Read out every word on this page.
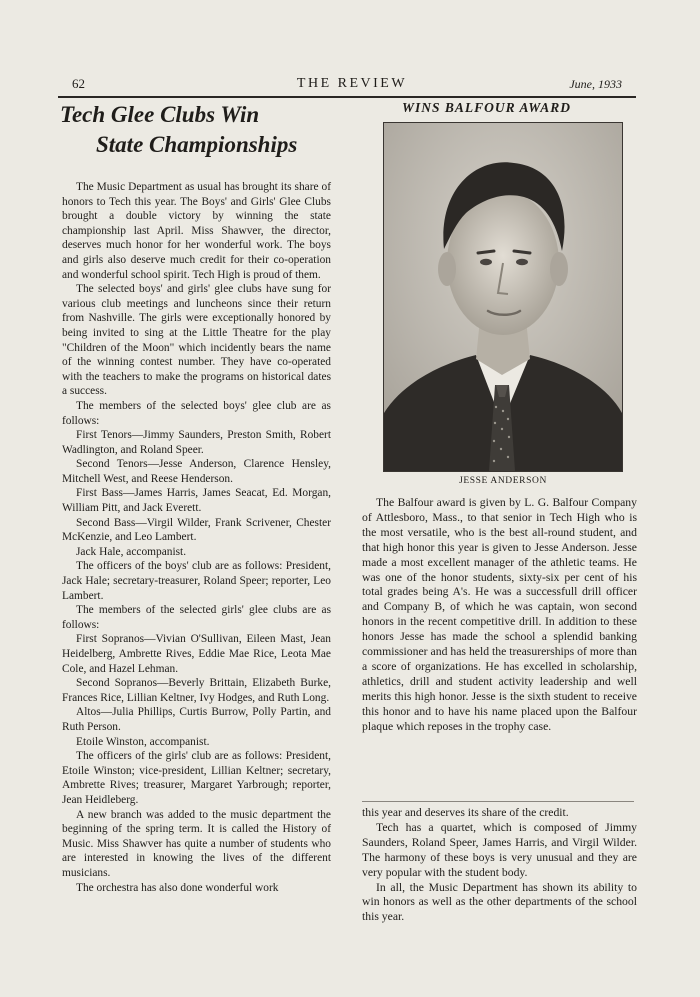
62	THE REVIEW	June, 1933
Tech Glee Clubs Win
State Championships

The Music Department as usual has brought its share of honors to Tech this year. The Boys' and Girls' Glee Clubs brought a double victory by winning the state championship last April. Miss Shawver, the director, deserves much honor for her wonderful work. The boys and girls also deserve much credit for their co-operation and wonderful school spirit. Tech High is proud of them.

The selected boys' and girls' glee clubs have sung for various club meetings and luncheons since their return from Nashville. The girls were exceptionally honored by being invited to sing at the Little Theatre for the play "Children of the Moon" which incidently bears the name of the winning contest number. They have co-operated with the teachers to make the programs on historical dates a success.

The members of the selected boys' glee club are as follows:

First Tenors—Jimmy Saunders, Preston Smith, Robert Wadlington, and Roland Speer.

Second Tenors—Jesse Anderson, Clarence Hensley, Mitchell West, and Reese Henderson.

First Bass—James Harris, James Seacat, Ed. Morgan, William Pitt, and Jack Everett.

Second Bass—Virgil Wilder, Frank Scrivener, Chester McKenzie, and Leo Lambert.

Jack Hale, accompanist.

The officers of the boys' club are as follows: President, Jack Hale; secretary-treasurer, Roland Speer; reporter, Leo Lambert.

The members of the selected girls' glee clubs are as follows:

First Sopranos—Vivian O'Sullivan, Eileen Mast, Jean Heidelberg, Ambrette Rives, Eddie Mae Rice, Leota Mae Cole, and Hazel Lehman.

Second Sopranos—Beverly Brittain, Elizabeth Burke, Frances Rice, Lillian Keltner, Ivy Hodges, and Ruth Long.

Altos—Julia Phillips, Curtis Burrow, Polly Partin, and Ruth Person.

Etoile Winston, accompanist.

The officers of the girls' club are as follows: President, Etoile Winston; vice-president, Lillian Keltner; secretary, Ambrette Rives; treasurer, Margaret Yarbrough; reporter, Jean Heidleberg.

A new branch was added to the music department the beginning of the spring term. It is called the History of Music. Miss Shawver has quite a number of students who are interested in knowing the lives of the different musicians.

The orchestra has also done wonderful work

WINS BALFOUR AWARD
JESSE ANDERSON

The Balfour award is given by L. G. Balfour Company of Attlesboro, Mass., to that senior in Tech High who is the most versatile, who is the best all-round student, and that high honor this year is given to Jesse Anderson. Jesse made a most excellent manager of the athletic teams. He was one of the honor students, sixty-six per cent of his total grades being A's. He was a successfull drill officer and Company B, of which he was captain, won second honors in the recent competitive drill. In addition to these honors Jesse has made the school a splendid banking commissioner and has held the treasurerships of more than a score of organizations. He has excelled in scholarship, athletics, drill and student activity leadership and well merits this high honor. Jesse is the sixth student to receive this honor and to have his name placed upon the Balfour plaque which reposes in the trophy case.

this year and deserves its share of the credit.

Tech has a quartet, which is composed of Jimmy Saunders, Roland Speer, James Harris, and Virgil Wilder. The harmony of these boys is very unusual and they are very popular with the student body.

In all, the Music Department has shown its ability to win honors as well as the other departments of the school this year.
